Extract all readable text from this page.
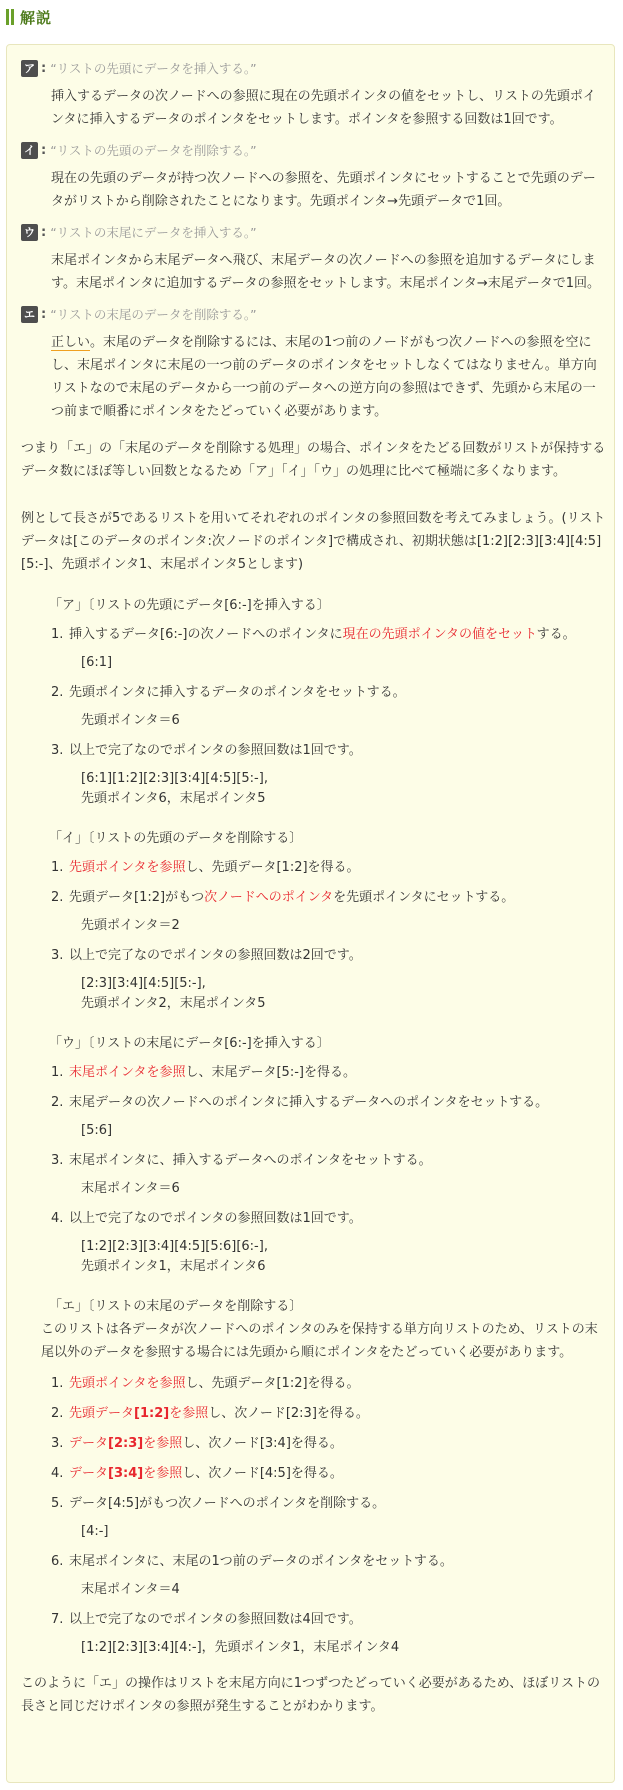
解説
ア : “リストの先頭にデータを挿入する。”
挿入するデータの次ノードへの参照に現在の先頭ポインタの値をセットし、リストの先頭ポインタに挿入するデータのポインタをセットします。ポインタを参照する回数は1回です。
イ : “リストの先頭のデータを削除する。”
現在の先頭のデータが持つ次ノードへの参照を、先頭ポインタにセットすることで先頭のデータがリストから削除されたことになります。先頭ポインタ→先頭データで1回。
ウ : “リストの末尾にデータを挿入する。”
末尾ポインタから末尾データへ飛び、末尾データの次ノードへの参照を追加するデータにします。末尾ポインタに追加するデータの参照をセットします。末尾ポインタ→末尾データで1回。
エ : “リストの末尾のデータを削除する。”
正しい。末尾のデータを削除するには、末尾の1つ前のノードがもつ次ノードへの参照を空にし、末尾ポインタに末尾の一つ前のデータのポインタをセットしなくてはなりません。単方向リストなので末尾のデータから一つ前のデータへの逆方向の参照はできず、先頭から末尾の一つ前まで順番にポインタをたどっていく必要があります。
つまり「エ」の「末尾のデータを削除する処理」の場合、ポインタをたどる回数がリストが保持するデータ数にほぼ等しい回数となるため「ア」「イ」「ウ」の処理に比べて極端に多くなります。
例として長さが5であるリストを用いてそれぞれのポインタの参照回数を考えてみましょう。(リストデータは[このデータのポインタ:次ノードのポインタ]で構成され、初期状態は[1:2][2:3][3:4][4:5][5:-]、先頭ポインタ1、末尾ポインタ5とします)
「ア」〔リストの先頭にデータ[6:-]を挿入する〕
1. 挿入するデータ[6:-]の次ノードへのポインタに現在の先頭ポインタの値をセットする。
[6:1]
2. 先頭ポインタに挿入するデータのポインタをセットする。
先頭ポインタ＝6
3. 以上で完了なのでポインタの参照回数は1回です。
[6:1][1:2][2:3][3:4][4:5][5:-],
先頭ポインタ6，末尾ポインタ5
「イ」〔リストの先頭のデータを削除する〕
1. 先頭ポインタを参照し、先頭データ[1:2]を得る。
2. 先頭データ[1:2]がもつ次ノードへのポインタを先頭ポインタにセットする。
先頭ポインタ＝2
3. 以上で完了なのでポインタの参照回数は2回です。
[2:3][3:4][4:5][5:-],
先頭ポインタ2，末尾ポインタ5
「ウ」〔リストの末尾にデータ[6:-]を挿入する〕
1. 末尾ポインタを参照し、末尾データ[5:-]を得る。
2. 末尾データの次ノードへのポインタに挿入するデータへのポインタをセットする。
[5:6]
3. 末尾ポインタに、挿入するデータへのポインタをセットする。
末尾ポインタ＝6
4. 以上で完了なのでポインタの参照回数は1回です。
[1:2][2:3][3:4][4:5][5:6][6:-],
先頭ポインタ1，末尾ポインタ6
「エ」〔リストの末尾のデータを削除する〕
このリストは各データが次ノードへのポインタのみを保持する単方向リストのため、リストの末尾以外のデータを参照する場合には先頭から順にポインタをたどっていく必要があります。
1. 先頭ポインタを参照し、先頭データ[1:2]を得る。
2. 先頭データ[1:2]を参照し、次ノード[2:3]を得る。
3. データ[2:3]を参照し、次ノード[3:4]を得る。
4. データ[3:4]を参照し、次ノード[4:5]を得る。
5. データ[4:5]がもつ次ノードへのポインタを削除する。
[4:-]
6. 末尾ポインタに、末尾の1つ前のデータのポインタをセットする。
末尾ポインタ＝4
7. 以上で完了なのでポインタの参照回数は4回です。
[1:2][2:3][3:4][4:-]，先頭ポインタ1，末尾ポインタ4
このように「エ」の操作はリストを末尾方向に1つずつたどっていく必要があるため、ほぼリストの長さと同じだけポインタの参照が発生することがわかります。
